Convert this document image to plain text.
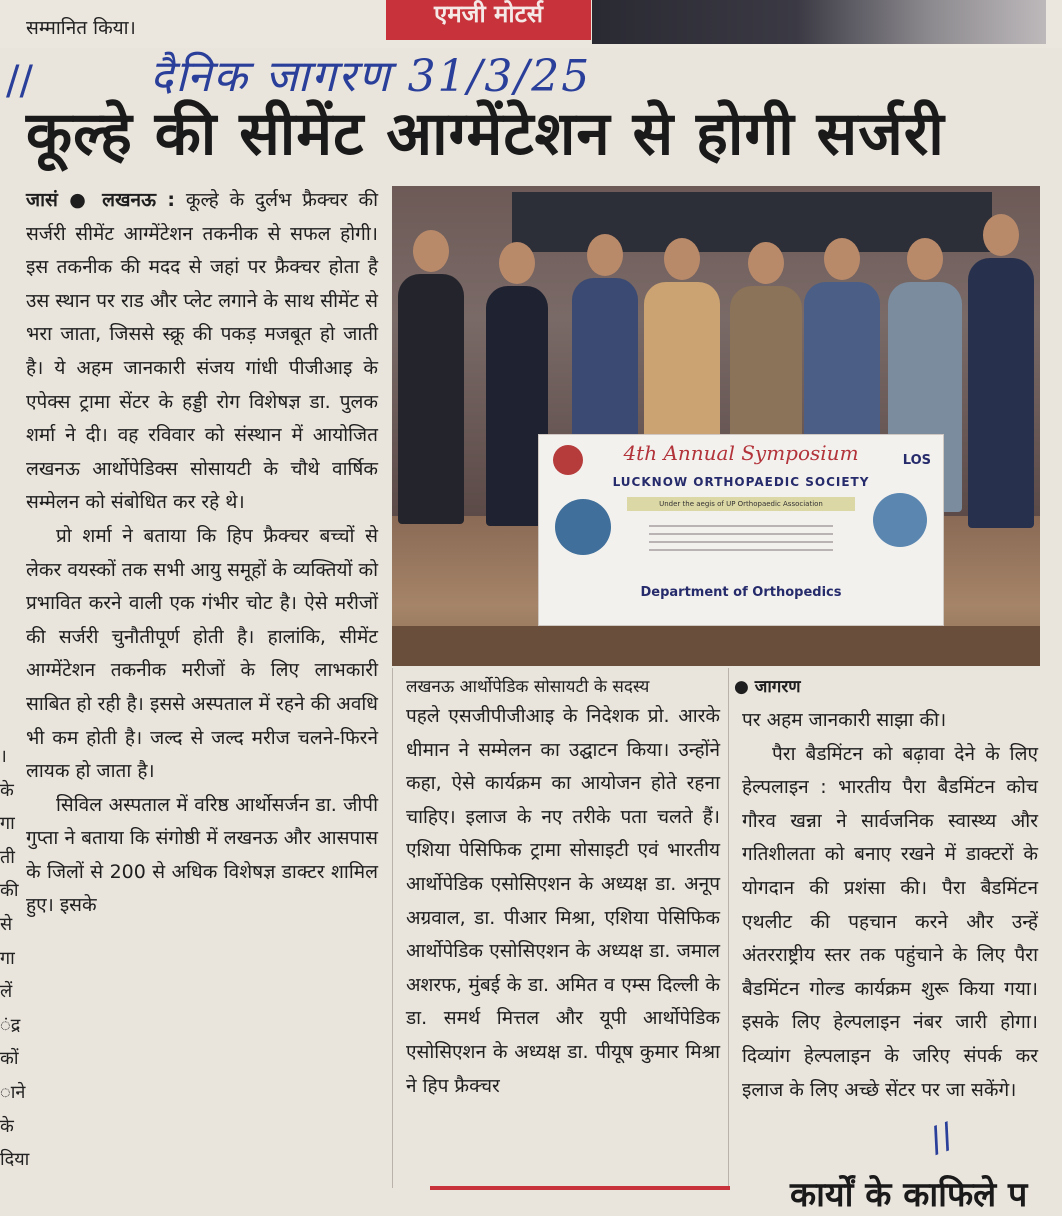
सम्मानित किया।	एमजी मोटर्स
//	दैनिक जागरण 31/3/25
कूल्हे की सीमेंट आग्मेंटेशन से होगी सर्जरी

जासं ● लखनऊ : कूल्हे के दुर्लभ फ्रैक्चर की सर्जरी सीमेंट आग्मेंटेशन तकनीक से सफल होगी। इस तकनीक की मदद से जहां पर फ्रैक्चर होता है उस स्थान पर राड और प्लेट लगाने के साथ सीमेंट से भरा जाता, जिससे स्क्रू की पकड़ मजबूत हो जाती है। ये अहम जानकारी संजय गांधी पीजीआइ के एपेक्स ट्रामा सेंटर के हड्डी रोग विशेषज्ञ डा. पुलक शर्मा ने दी। वह रविवार को संस्थान में आयोजित लखनऊ आर्थोपेडिक्स सोसायटी के चौथे वार्षिक सम्मेलन को संबोधित कर रहे थे।

प्रो शर्मा ने बताया कि हिप फ्रैक्चर बच्चों से लेकर वयस्कों तक सभी आयु समूहों के व्यक्तियों को प्रभावित करने वाली एक गंभीर चोट है। ऐसे मरीजों की सर्जरी चुनौतीपूर्ण होती है। हालांकि, सीमेंट आग्मेंटेशन तकनीक मरीजों के लिए लाभकारी साबित हो रही है। इससे अस्पताल में रहने की अवधि भी कम होती है। जल्द से जल्द मरीज चलने-फिरने लायक हो जाता है।

सिविल अस्पताल में वरिष्ठ आर्थोसर्जन डा. जीपी गुप्ता ने बताया कि संगोष्ठी में लखनऊ और आसपास के जिलों से 200 से अधिक विशेषज्ञ डाक्टर शामिल हुए। इसके

LOS
4th Annual Symposium
LUCKNOW ORTHOPAEDIC SOCIETY
Under the aegis of UP Orthopaedic Association
Department of Orthopedics
लखनऊ आर्थोपेडिक सोसायटी के सदस्य	● जागरण

पहले एसजीपीजीआइ के निदेशक प्रो. आरके धीमान ने सम्मेलन का उद्घाटन किया। उन्होंने कहा, ऐसे कार्यक्रम का आयोजन होते रहना चाहिए। इलाज के नए तरीके पता चलते हैं। एशिया पेसिफिक ट्रामा सोसाइटी एवं भारतीय आर्थोपेडिक एसोसिएशन के अध्यक्ष डा. अनूप अग्रवाल, डा. पीआर मिश्रा, एशिया पेसिफिक आर्थोपेडिक एसोसिएशन के अध्यक्ष डा. जमाल अशरफ, मुंबई के डा. अमित व एम्स दिल्ली के डा. समर्थ मित्तल और यूपी आर्थोपेडिक एसोसिएशन के अध्यक्ष डा. पीयूष कुमार मिश्रा ने हिप फ्रैक्चर

पर अहम जानकारी साझा की।

पैरा बैडमिंटन को बढ़ावा देने के लिए हेल्पलाइन : भारतीय पैरा बैडमिंटन कोच गौरव खन्ना ने सार्वजनिक स्वास्थ्य और गतिशीलता को बनाए रखने में डाक्टरों के योगदान की प्रशंसा की। पैरा बैडमिंटन एथलीट की पहचान करने और उन्हें अंतरराष्ट्रीय स्तर तक पहुंचाने के लिए पैरा बैडमिंटन गोल्ड कार्यक्रम शुरू किया गया। इसके लिए हेल्पलाइन नंबर जारी होगा। दिव्यांग हेल्पलाइन के जरिए संपर्क कर इलाज के लिए अच्छे सेंटर पर जा सकेंगे।

।
के
गा
ती
की
से
गा
लें
ंद्र
कों
ाने
के
दिया	//
कार्यों के काफिले प
